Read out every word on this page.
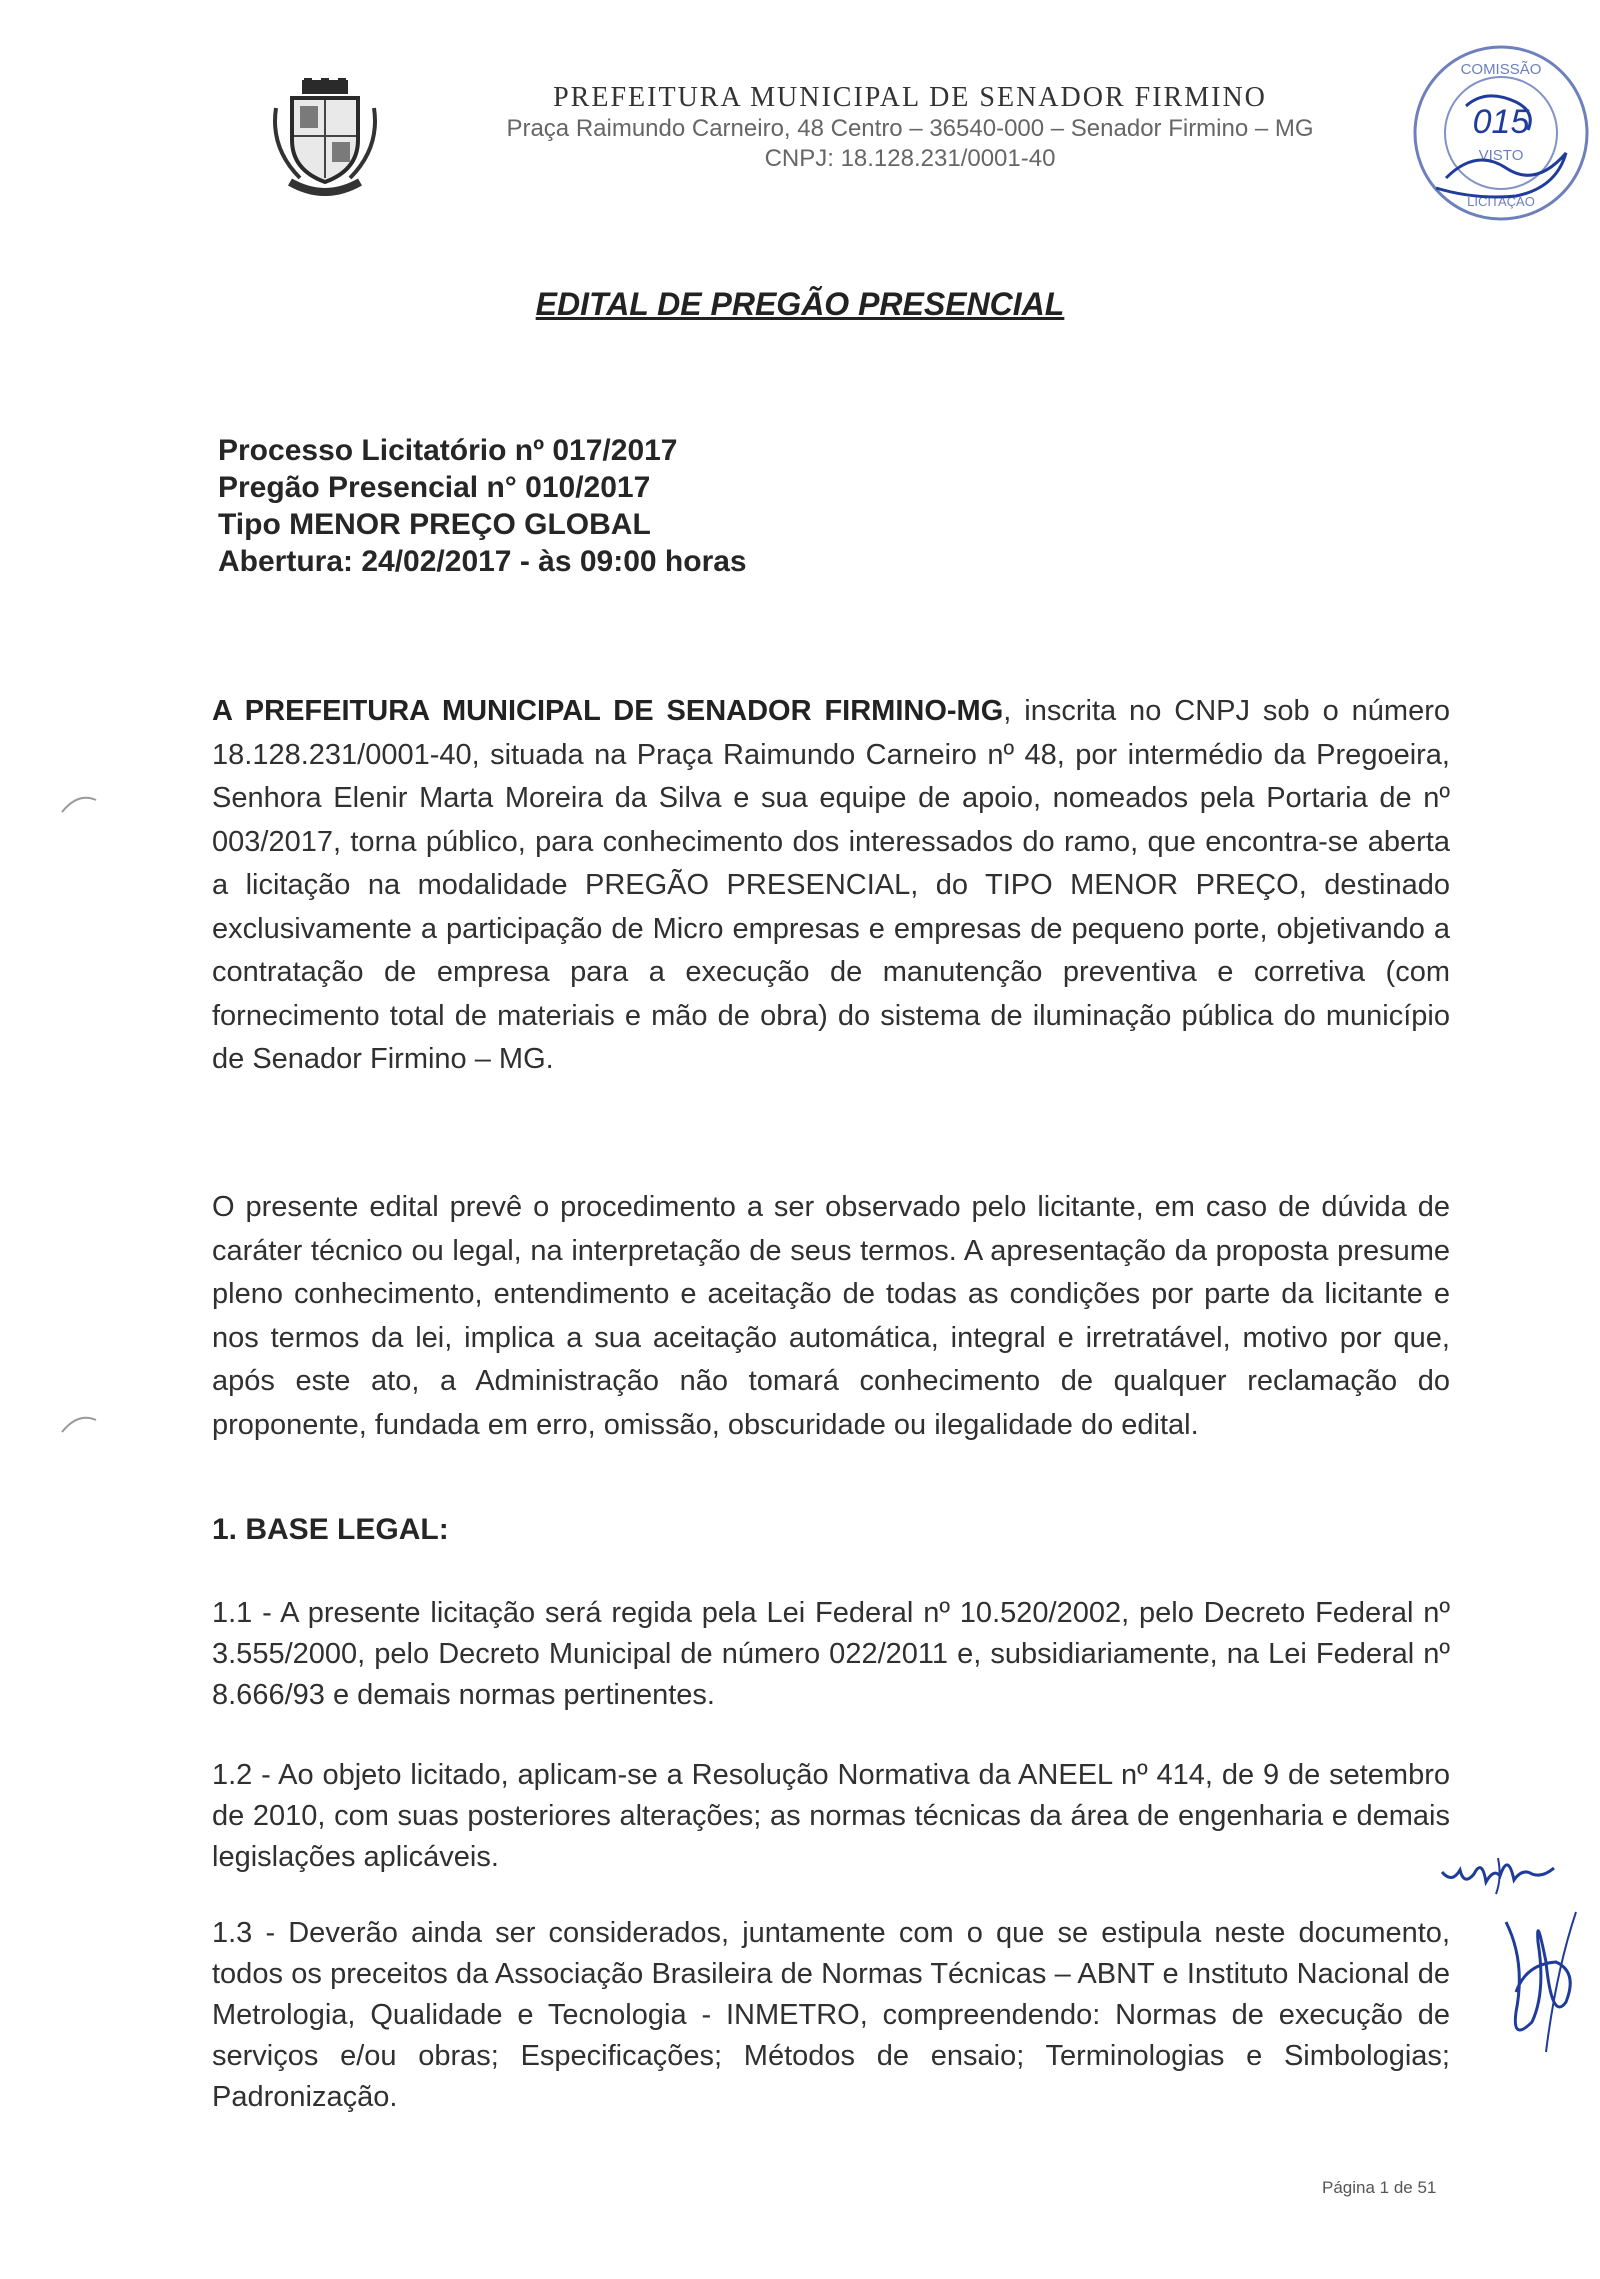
PREFEITURA MUNICIPAL DE SENADOR FIRMINO
Praça Raimundo Carneiro, 48 Centro – 36540-000 – Senador Firmino – MG
CNPJ: 18.128.231/0001-40
COMISSÃO
015
VISTO
LICITAÇÃO
EDITAL DE PREGÃO PRESENCIAL
Processo Licitatório nº 017/2017
Pregão Presencial n° 010/2017
Tipo MENOR PREÇO GLOBAL
Abertura: 24/02/2017 - às 09:00 horas

A PREFEITURA MUNICIPAL DE SENADOR FIRMINO-MG, inscrita no CNPJ sob o número 18.128.231/0001-40, situada na Praça Raimundo Carneiro nº 48, por intermédio da Pregoeira, Senhora Elenir Marta Moreira da Silva e sua equipe de apoio, nomeados pela Portaria de nº 003/2017, torna público, para conhecimento dos interessados do ramo, que encontra-se aberta a licitação na modalidade PREGÃO PRESENCIAL, do TIPO MENOR PREÇO, destinado exclusivamente a participação de Micro empresas e empresas de pequeno porte, objetivando a contratação de empresa para a execução de manutenção preventiva e corretiva (com fornecimento total de materiais e mão de obra) do sistema de iluminação pública do município de Senador Firmino – MG.

O presente edital prevê o procedimento a ser observado pelo licitante, em caso de dúvida de caráter técnico ou legal, na interpretação de seus termos. A apresentação da proposta presume pleno conhecimento, entendimento e aceitação de todas as condições por parte da licitante e nos termos da lei, implica a sua aceitação automática, integral e irretratável, motivo por que, após este ato, a Administração não tomará conhecimento de qualquer reclamação do proponente, fundada em erro, omissão, obscuridade ou ilegalidade do edital.

1. BASE LEGAL:

1.1 - A presente licitação será regida pela Lei Federal nº 10.520/2002, pelo Decreto Federal nº 3.555/2000, pelo Decreto Municipal de número 022/2011 e, subsidiariamente, na Lei Federal nº 8.666/93 e demais normas pertinentes.

1.2 - Ao objeto licitado, aplicam-se a Resolução Normativa da ANEEL nº 414, de 9 de setembro de 2010, com suas posteriores alterações; as normas técnicas da área de engenharia e demais legislações aplicáveis.

1.3 - Deverão ainda ser considerados, juntamente com o que se estipula neste documento, todos os preceitos da Associação Brasileira de Normas Técnicas – ABNT e Instituto Nacional de Metrologia, Qualidade e Tecnologia - INMETRO, compreendendo: Normas de execução de serviços e/ou obras; Especificações; Métodos de ensaio; Terminologias e Simbologias; Padronização.

Página 1 de 51
